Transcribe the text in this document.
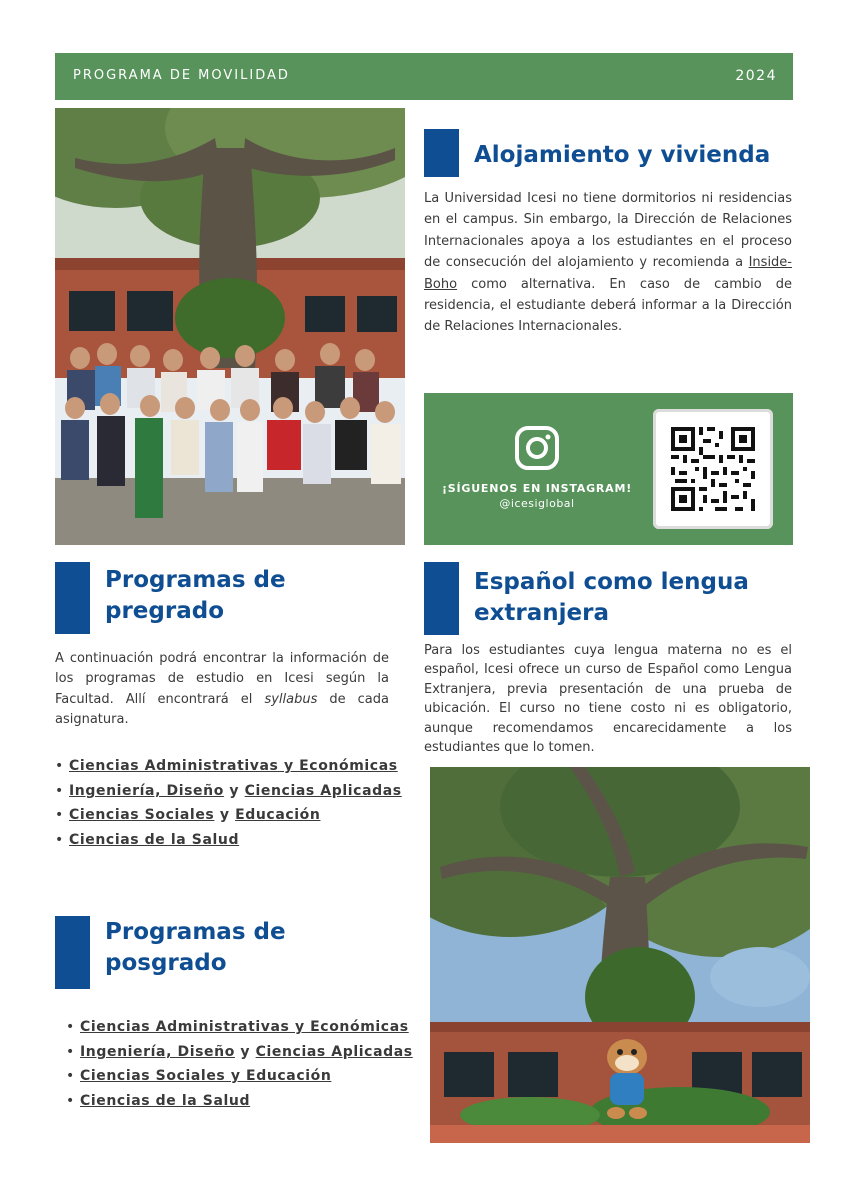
PROGRAMA DE MOVILIDAD	2024
Alojamiento y vivienda
La Universidad Icesi no tiene dormitorios ni residencias en el campus. Sin embargo, la Dirección de Relaciones Internacionales apoya a los estudiantes en el proceso de consecución del alojamiento y recomienda a Inside-Boho como alternativa. En caso de cambio de residencia, el estudiante deberá informar a la Dirección de Relaciones Internacionales.
¡SÍGUENOS EN INSTAGRAM!
@icesiglobal
Programas de
pregrado
A continuación podrá encontrar la información de los programas de estudio en Icesi según la Facultad. Allí encontrará el syllabus de cada asignatura.
• Ciencias Administrativas y Económicas
• Ingeniería, Diseño y Ciencias Aplicadas
• Ciencias Sociales y Educación
• Ciencias de la Salud
Programas de
posgrado
• Ciencias Administrativas y Económicas
• Ingeniería, Diseño y Ciencias Aplicadas
• Ciencias Sociales y Educación
• Ciencias de la Salud
Español como lengua
extranjera
Para los estudiantes cuya lengua materna no es el español, Icesi ofrece un curso de Español como Lengua Extranjera, previa presentación de una prueba de ubicación. El curso no tiene costo ni es obligatorio, aunque recomendamos encarecidamente a los estudiantes que lo tomen.
